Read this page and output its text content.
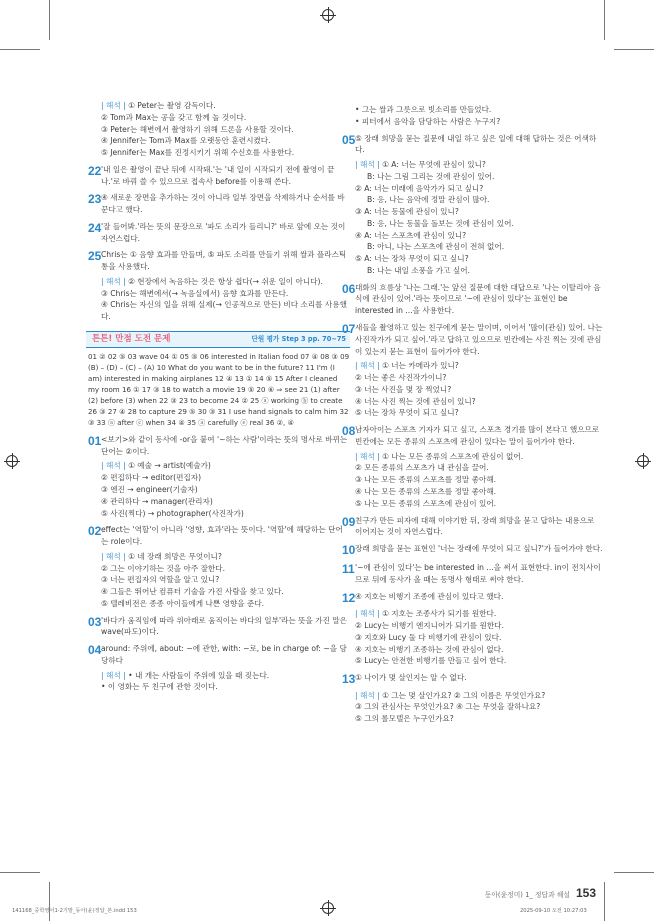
| 해석 | ① Peter는 촬영 감독이다.
② Tom과 Max는 공을 갖고 함께 놀 것이다.
③ Peter는 해변에서 촬영하기 위해 드론을 사용할 것이다.
④ Jennifer는 Tom과 Max를 오랫동안 훈련시켰다.
⑤ Jennifer는 Max를 진정시키기 위해 수신호를 사용한다.
22 '내 일은 촬영이 끝난 뒤에 시작돼.'는 '내 일이 시작되기 전에 촬영이 끝나.'로 바꿔 쓸 수 있으므로 접속사 before를 이용해 쓴다.
23 ④ 새로운 장면을 추가하는 것이 아니라 일부 장면을 삭제하거나 순서를 바꾼다고 했다.
24 '잘 들어봐.'라는 뜻의 문장으로 '파도 소리가 들리니?' 바로 앞에 오는 것이 자연스럽다.
25 Chris는 ① 음향 효과를 만들며, ⑤ 파도 소리를 만들기 위해 쌀과 플라스틱 통을 사용했다.
| 해석 | ② 현장에서 녹음하는 것은 항상 쉽다(→ 쉬운 일이 아니다).
③ Chris는 해변에서(→ 녹음실에서) 음향 효과를 만든다.
④ Chris는 자신의 일을 위해 실제(→ 인공적으로 만든) 비다 소리를 사용했다.
튼튼! 만점 도전 문제	단원 평가 Step 3 pp. 70~75
01 ② 02 ⑤ 03 wave 04 ① 05 ⑤ 06 interested in Italian food 07 ④ 08 ③ 09 (B) – (D) – (C) – (A) 10 What do you want to be in the future? 11 I'm (I am) interested in making airplanes 12 ④ 13 ① 14 ⑤ 15 After I cleaned my room 16 ① 17 ③ 18 to watch a movie 19 ⑤ 20 ⑥ ⇒ see 21 (1) after (2) before (3) when 22 ③ 23 to become 24 ② 25 ⓐ working ⓑ to create 26 ③ 27 ④ 28 to capture 29 ⑤ 30 ③ 31 I use hand signals to calm him 32 ③ 33 ⓐ after ⓒ when 34 ④ 35 ⓐ carefully ⓔ real 36 ②, ④
01 <보기>와 같이 동사에 -or을 붙여 '~하는 사람'이라는 뜻의 명사로 바뀌는 단어는 ②이다.
| 해석 | ① 예술 → artist(예술가)
② 편집하다 → editor(편집자)
③ 엔진 → engineer(기술자)
④ 관리하다 → manager(관리자)
⑤ 사진(찍다) → photographer(사진작가)
02 effect는 '역할'이 아니라 '영향, 효과'라는 뜻이다. '역할'에 해당하는 단어는 role이다.
| 해석 | ① 네 장래 희망은 무엇이니?
② 그는 이야기하는 것을 아주 잘한다.
③ 너는 편집자의 역할을 알고 있니?
④ 그들은 뛰어난 컴퓨터 기술을 가진 사람을 찾고 있다.
⑤ 텔레비전은 종종 아이들에게 나쁜 영향을 준다.
03 '바다가 움직임에 따라 위아래로 움직이는 바다의 일부'라는 뜻을 가진 말은 wave(파도)이다.
04 around: 주위에, about: ~에 관한, with: ~로, be in charge of: ~을 담당하다
| 해석 | • 내 개는 사람들이 주위에 있을 때 짖는다.
• 이 영화는 두 친구에 관한 것이다.
• 그는 쌀과 그릇으로 빗소리를 만들었다.
• 피터에서 음악을 담당하는 사람은 누구지?
05 ⑤ 장래 희망을 묻는 질문에 내일 하고 싶은 일에 대해 답하는 것은 어색하다.
| 해석 | ① A: 너는 무엇에 관심이 있니?
B: 나는 그림 그리는 것에 관심이 있어.
② A: 너는 미래에 음악가가 되고 싶니?
B: 응, 나는 음악에 정말 관심이 많아.
③ A: 너는 동물에 관심이 있니?
B: 응, 나는 동물을 돌보는 것에 관심이 있어.
④ A: 너는 스포츠에 관심이 있니?
B: 아니, 나는 스포츠에 관심이 전혀 없어.
⑤ A: 너는 장차 무엇이 되고 싶니?
B: 나는 내일 소풍을 가고 싶어.
06 대화의 흐름상 '나는 그래.'는 앞선 질문에 대한 대답으로 '나는 이탈리아 음식에 관심이 있어.'라는 뜻이므로 '~에 관심이 있다'는 표현인 be interested in ...을 사용한다.
07 새들을 촬영하고 있는 친구에게 묻는 말이며, 이어서 '많이(관심) 있어. 나는 사진작가가 되고 싶어.'라고 답하고 있으므로 빈칸에는 사진 찍는 것에 관심이 있는지 묻는 표현이 들어가야 한다.
| 해석 | ① 너는 카메라가 있니?
② 너는 좋은 사진작가이니?
③ 너는 사진을 몇 장 찍었니?
④ 너는 사진 찍는 것에 관심이 있니?
⑤ 너는 장차 무엇이 되고 싶니?
08 남자아이는 스포츠 기자가 되고 싶고, 스포츠 경기를 많이 본다고 했으므로 빈칸에는 모든 종류의 스포츠에 관심이 있다는 말이 들어가야 한다.
| 해석 | ① 나는 모든 종류의 스포츠에 관심이 없어.
② 모든 종류의 스포츠가 내 관심을 끌어.
③ 나는 모든 종류의 스포츠를 정말 좋아해.
④ 나는 모든 종류의 스포츠를 정말 좋아해.
⑤ 나는 모든 종류의 스포츠에 관심이 있어.
09 친구가 만든 피자에 대해 이야기한 뒤, 장래 희망을 묻고 답하는 내용으로 이어지는 것이 자연스럽다.
10 장래 희망을 묻는 표현인 '너는 장래에 무엇이 되고 싶니?'가 들어가야 한다.
11 '~에 관심이 있다'는 be interested in ...을 써서 표현한다. in이 전치사이므로 뒤에 동사가 올 때는 동명사 형태로 써야 한다.
12 ④ 지호는 비행기 조종에 관심이 있다고 했다.
| 해석 | ① 지호는 조종사가 되기를 원한다.
② Lucy는 비행기 엔지니어가 되기를 원한다.
③ 지호와 Lucy 둘 다 비행기에 관심이 있다.
④ 지호는 비행기 조종하는 것에 관심이 없다.
⑤ Lucy는 안전한 비행기를 만들고 싶어 한다.
13 ① 나이가 몇 살인지는 알 수 없다.
| 해석 | ① 그는 몇 살인가요? ② 그의 이름은 무엇인가요?
③ 그의 관심사는 무엇인가요? ④ 그는 무엇을 잘하나요?
⑤ 그의 롤모델은 누구인가요?
동아(윤정미) 1_ 정답과 해설 153
141168_중학영어1-2기말_동아(윤)정답_본.indd 153	2025-09-10 오전 10:27:03
